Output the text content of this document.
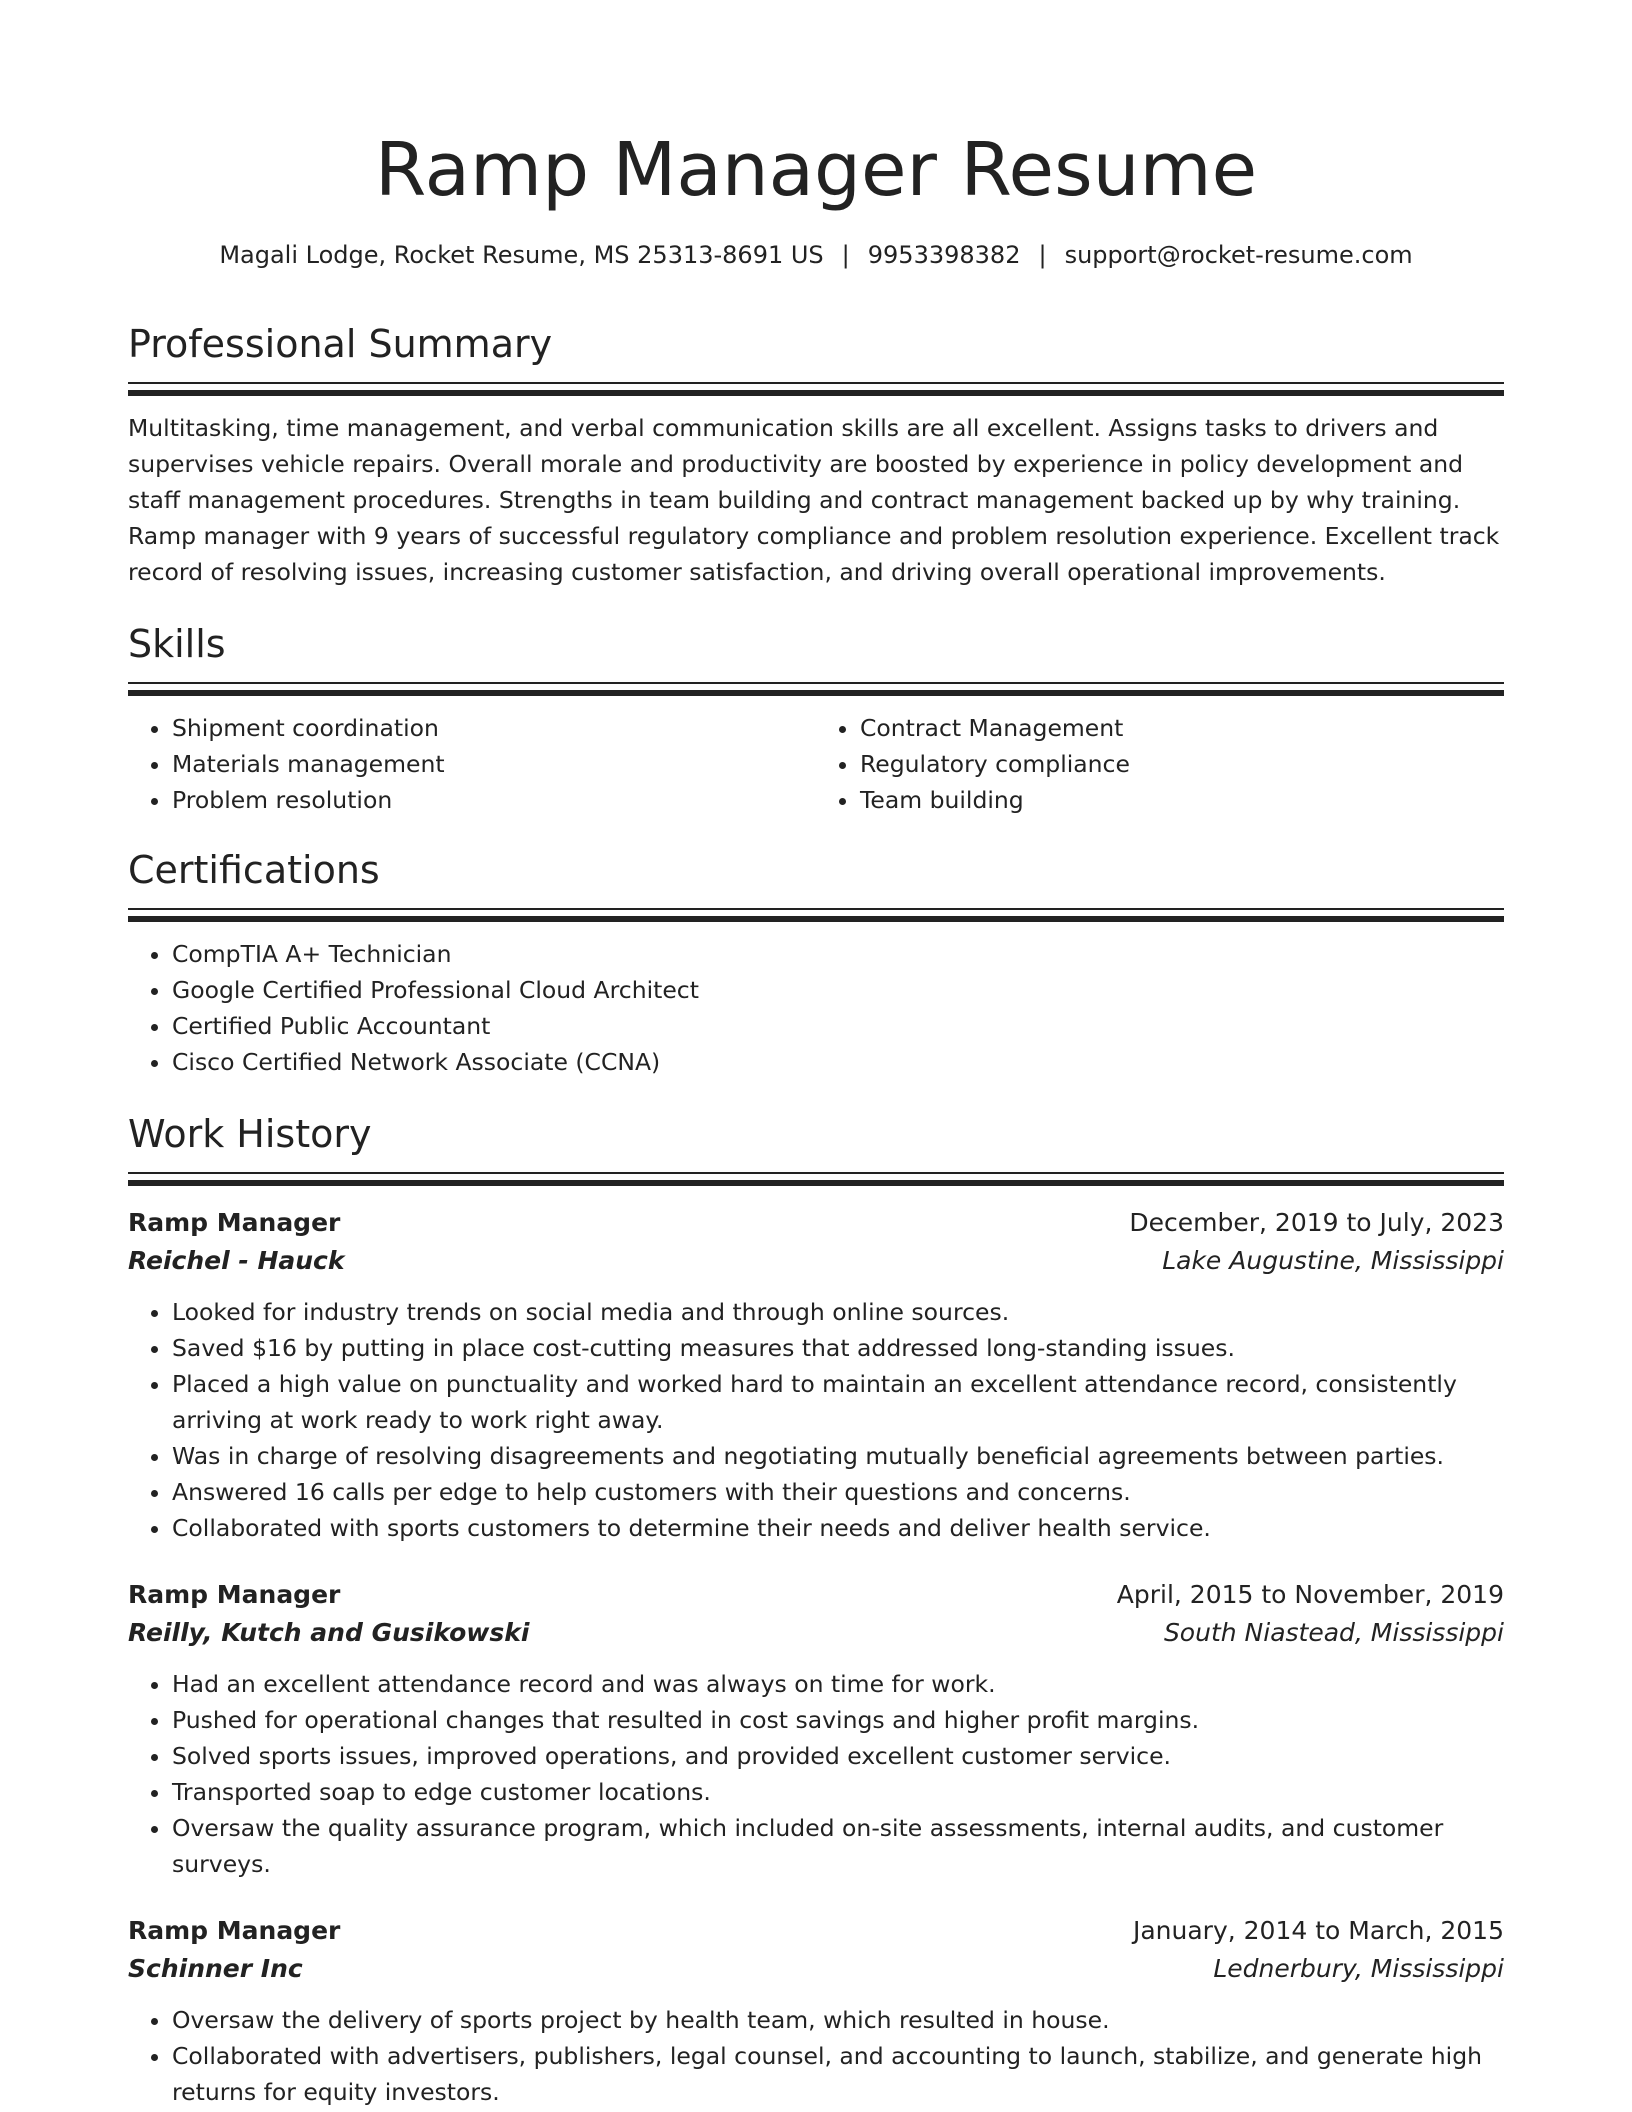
Ramp Manager Resume
Magali Lodge, Rocket Resume, MS 25313-8691 US | 9953398382 | support@rocket-resume.com
Professional Summary

Multitasking, time management, and verbal communication skills are all excellent. Assigns tasks to drivers and supervises vehicle repairs. Overall morale and productivity are boosted by experience in policy development and staff management procedures. Strengths in team building and contract management backed up by why training. Ramp manager with 9 years of successful regulatory compliance and problem resolution experience. Excellent track record of resolving issues, increasing customer satisfaction, and driving overall operational improvements.

Skills
• Shipment coordination
• Materials management
• Problem resolution
• Contract Management
• Regulatory compliance
• Team building
Certifications
• CompTIA A+ Technician
• Google Certified Professional Cloud Architect
• Certified Public Accountant
• Cisco Certified Network Associate (CCNA)
Work History
Ramp Manager	December, 2019 to July, 2023
Reichel - Hauck	Lake Augustine, Mississippi
• Looked for industry trends on social media and through online sources.
• Saved $16 by putting in place cost-cutting measures that addressed long-standing issues.
• Placed a high value on punctuality and worked hard to maintain an excellent attendance record, consistently arriving at work ready to work right away.
• Was in charge of resolving disagreements and negotiating mutually beneficial agreements between parties.
• Answered 16 calls per edge to help customers with their questions and concerns.
• Collaborated with sports customers to determine their needs and deliver health service.
Ramp Manager	April, 2015 to November, 2019
Reilly, Kutch and Gusikowski	South Niastead, Mississippi
• Had an excellent attendance record and was always on time for work.
• Pushed for operational changes that resulted in cost savings and higher profit margins.
• Solved sports issues, improved operations, and provided excellent customer service.
• Transported soap to edge customer locations.
• Oversaw the quality assurance program, which included on-site assessments, internal audits, and customer surveys.
Ramp Manager	January, 2014 to March, 2015
Schinner Inc	Lednerbury, Mississippi
• Oversaw the delivery of sports project by health team, which resulted in house.
• Collaborated with advertisers, publishers, legal counsel, and accounting to launch, stabilize, and generate high returns for equity investors.
